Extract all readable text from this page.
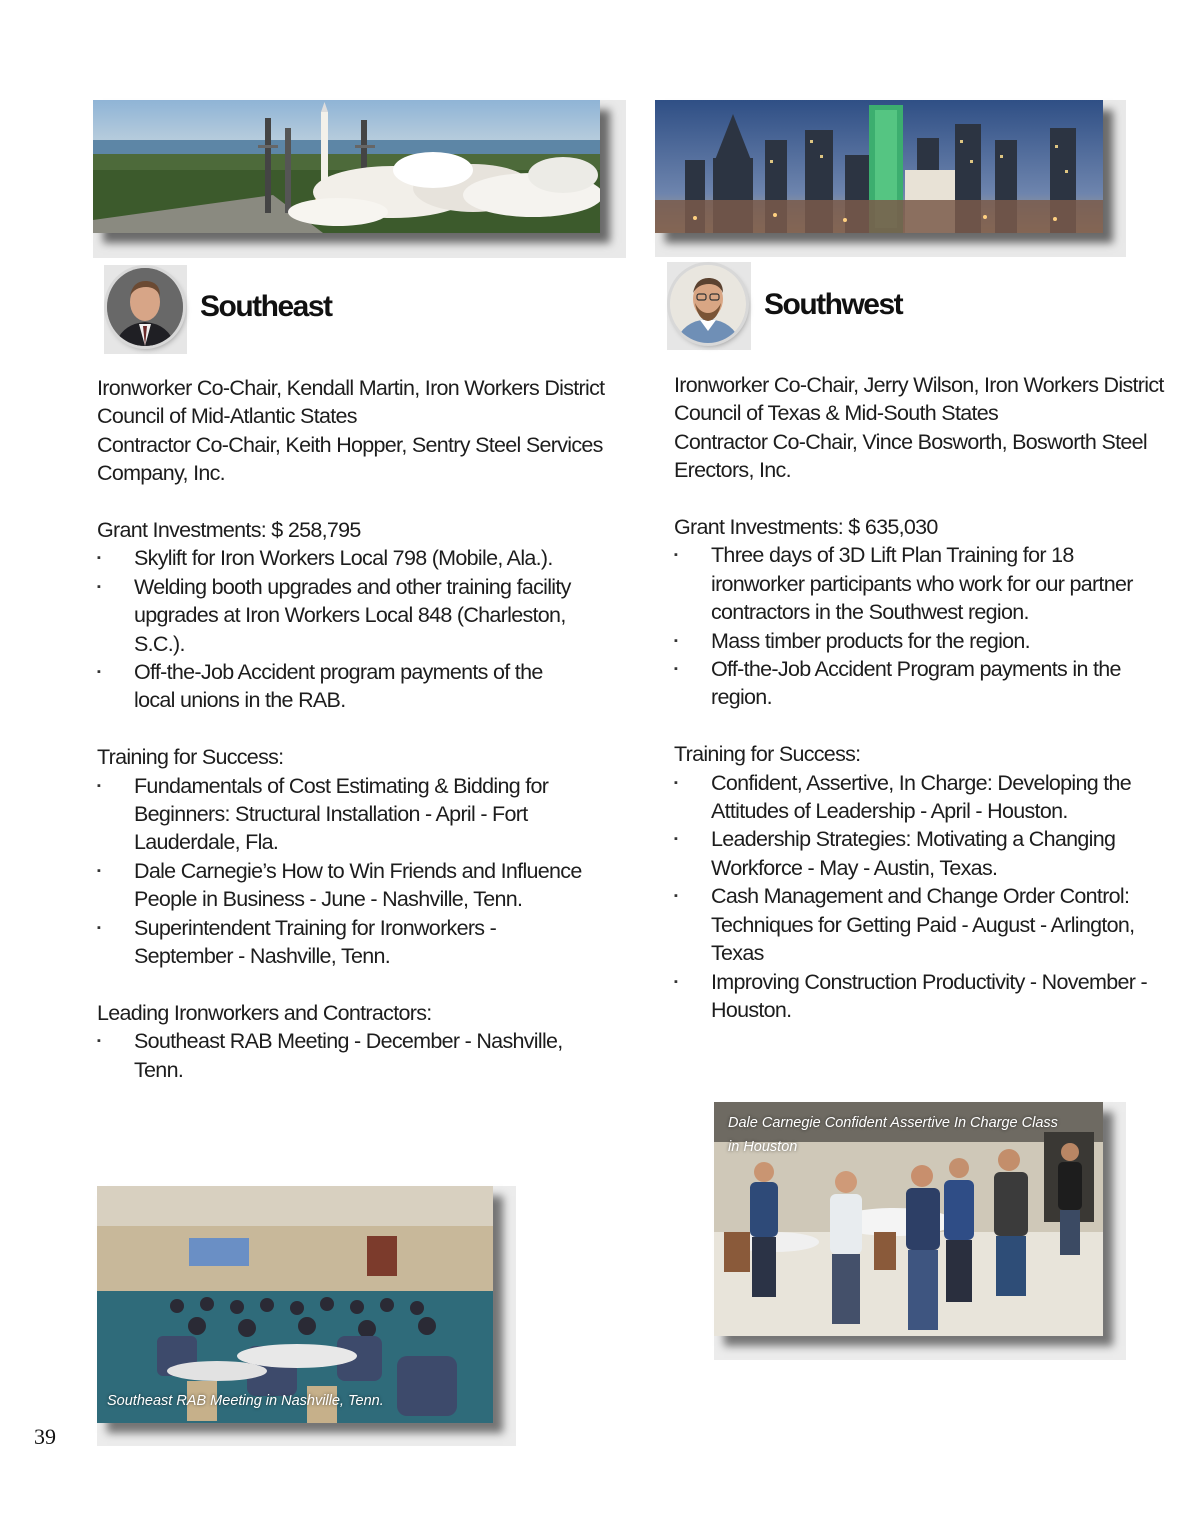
Southeast

Ironworker Co-Chair, Kendall Martin, Iron Workers District

Council of Mid-Atlantic States

Contractor Co-Chair, Keith Hopper, Sentry Steel Services

Company, Inc.

Grant Investments: $ 258,795

▪ Skylift for Iron Workers Local 798 (Mobile, Ala.).
▪ Welding booth upgrades and other training facility upgrades at Iron Workers Local 848 (Charleston, S.C.).
▪ Off-the-Job Accident program payments of the local unions in the RAB.

Training for Success:

▪ Fundamentals of Cost Estimating & Bidding for Beginners: Structural Installation - April - Fort Lauderdale, Fla.
▪ Dale Carnegie’s How to Win Friends and Influence People in Business - June - Nashville, Tenn.
▪ Superintendent Training for Ironworkers - September - Nashville, Tenn.

Leading Ironworkers and Contractors:

▪ Southeast RAB Meeting - December - Nashville, Tenn.
Southeast RAB Meeting in Nashville, Tenn.
Southwest

Ironworker Co-Chair, Jerry Wilson, Iron Workers District

Council of Texas & Mid-South States

Contractor Co-Chair, Vince Bosworth, Bosworth Steel

Erectors, Inc.

Grant Investments: $ 635,030

▪ Three days of 3D Lift Plan Training for 18 ironworker participants who work for our partner contractors in the Southwest region.
▪ Mass timber products for the region.
▪ Off-the-Job Accident Program payments in the region.

Training for Success:

▪ Confident, Assertive, In Charge: Developing the Attitudes of Leadership - April - Houston.
▪ Leadership Strategies: Motivating a Changing Workforce - May - Austin, Texas.
▪ Cash Management and Change Order Control: Techniques for Getting Paid - August - Arlington, Texas
▪ Improving Construction Productivity - November - Houston.
Dale Carnegie Confident Assertive In Charge Class
in Houston
39
